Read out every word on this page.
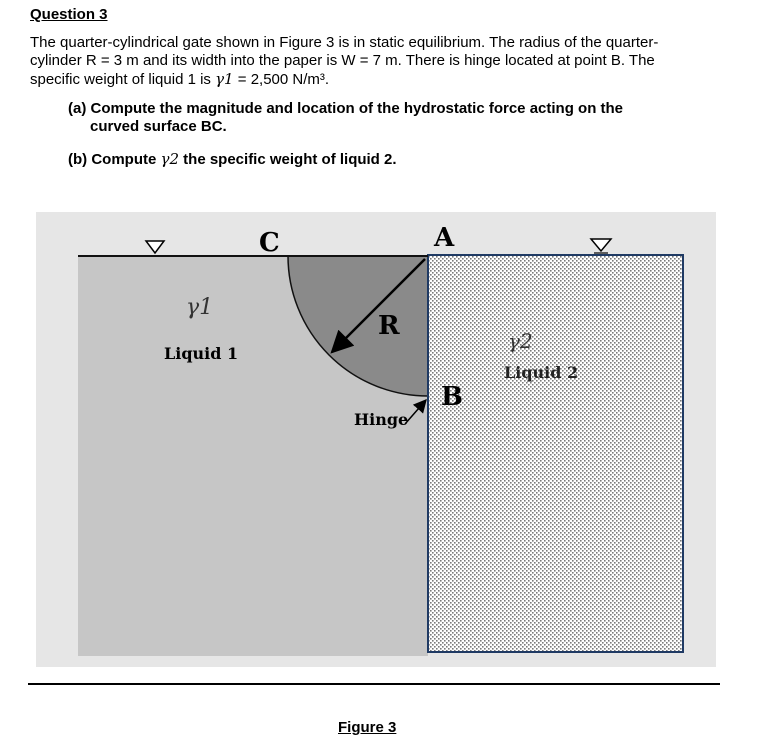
Question 3

The quarter-cylindrical gate shown in Figure 3 is in static equilibrium. The radius of the quarter-
cylinder R = 3 m and its width into the paper is W = 7 m. There is hinge located at point B. The
specific weight of liquid 1 is γ1 = 2,500 N/m³.

(a) Compute the magnitude and location of the hydrostatic force acting on the
curved surface BC.

(b) Compute γ2 the specific weight of liquid 2.

C	A
R
B
Hinge
γ1
Liquid 1
γ2
Liquid 2
Figure 3
